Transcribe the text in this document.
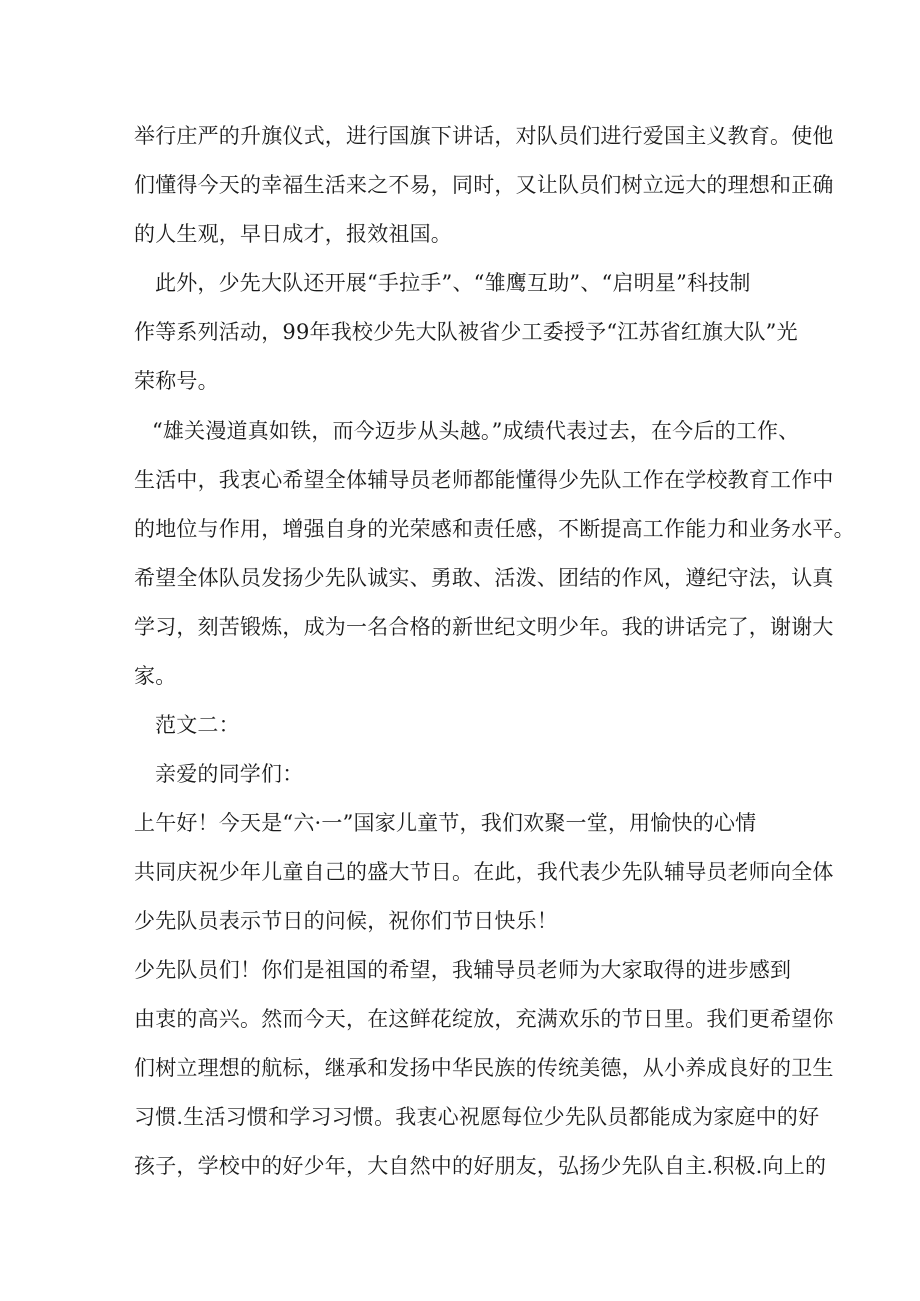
举行庄严的升旗仪式，进行国旗下讲话，对队员们进行爱国主义教育。使他
们懂得今天的幸福生活来之不易，同时，又让队员们树立远大的理想和正确
的人生观，早日成才，报效祖国。
此外，少先大队还开展“手拉手”、“雏鹰互助”、“启明星”科技制
作等系列活动，99年我校少先大队被省少工委授予“江苏省红旗大队”光
荣称号。
“雄关漫道真如铁，而今迈步从头越。”成绩代表过去，在今后的工作、
生活中，我衷心希望全体辅导员老师都能懂得少先队工作在学校教育工作中
的地位与作用，增强自身的光荣感和责任感，不断提高工作能力和业务水平。
希望全体队员发扬少先队诚实、勇敢、活泼、团结的作风，遵纪守法，认真
学习，刻苦锻炼，成为一名合格的新世纪文明少年。我的讲话完了，谢谢大
家。
范文二：
亲爱的同学们：
上午好！今天是“六·一”国家儿童节，我们欢聚一堂，用愉快的心情
共同庆祝少年儿童自己的盛大节日。在此，我代表少先队辅导员老师向全体
少先队员表示节日的问候，祝你们节日快乐！
少先队员们！你们是祖国的希望，我辅导员老师为大家取得的进步感到
由衷的高兴。然而今天，在这鲜花绽放，充满欢乐的节日里。我们更希望你
们树立理想的航标，继承和发扬中华民族的传统美德，从小养成良好的卫生
习惯.生活习惯和学习习惯。我衷心祝愿每位少先队员都能成为家庭中的好
孩子，学校中的好少年，大自然中的好朋友，弘扬少先队自主.积极.向上的
